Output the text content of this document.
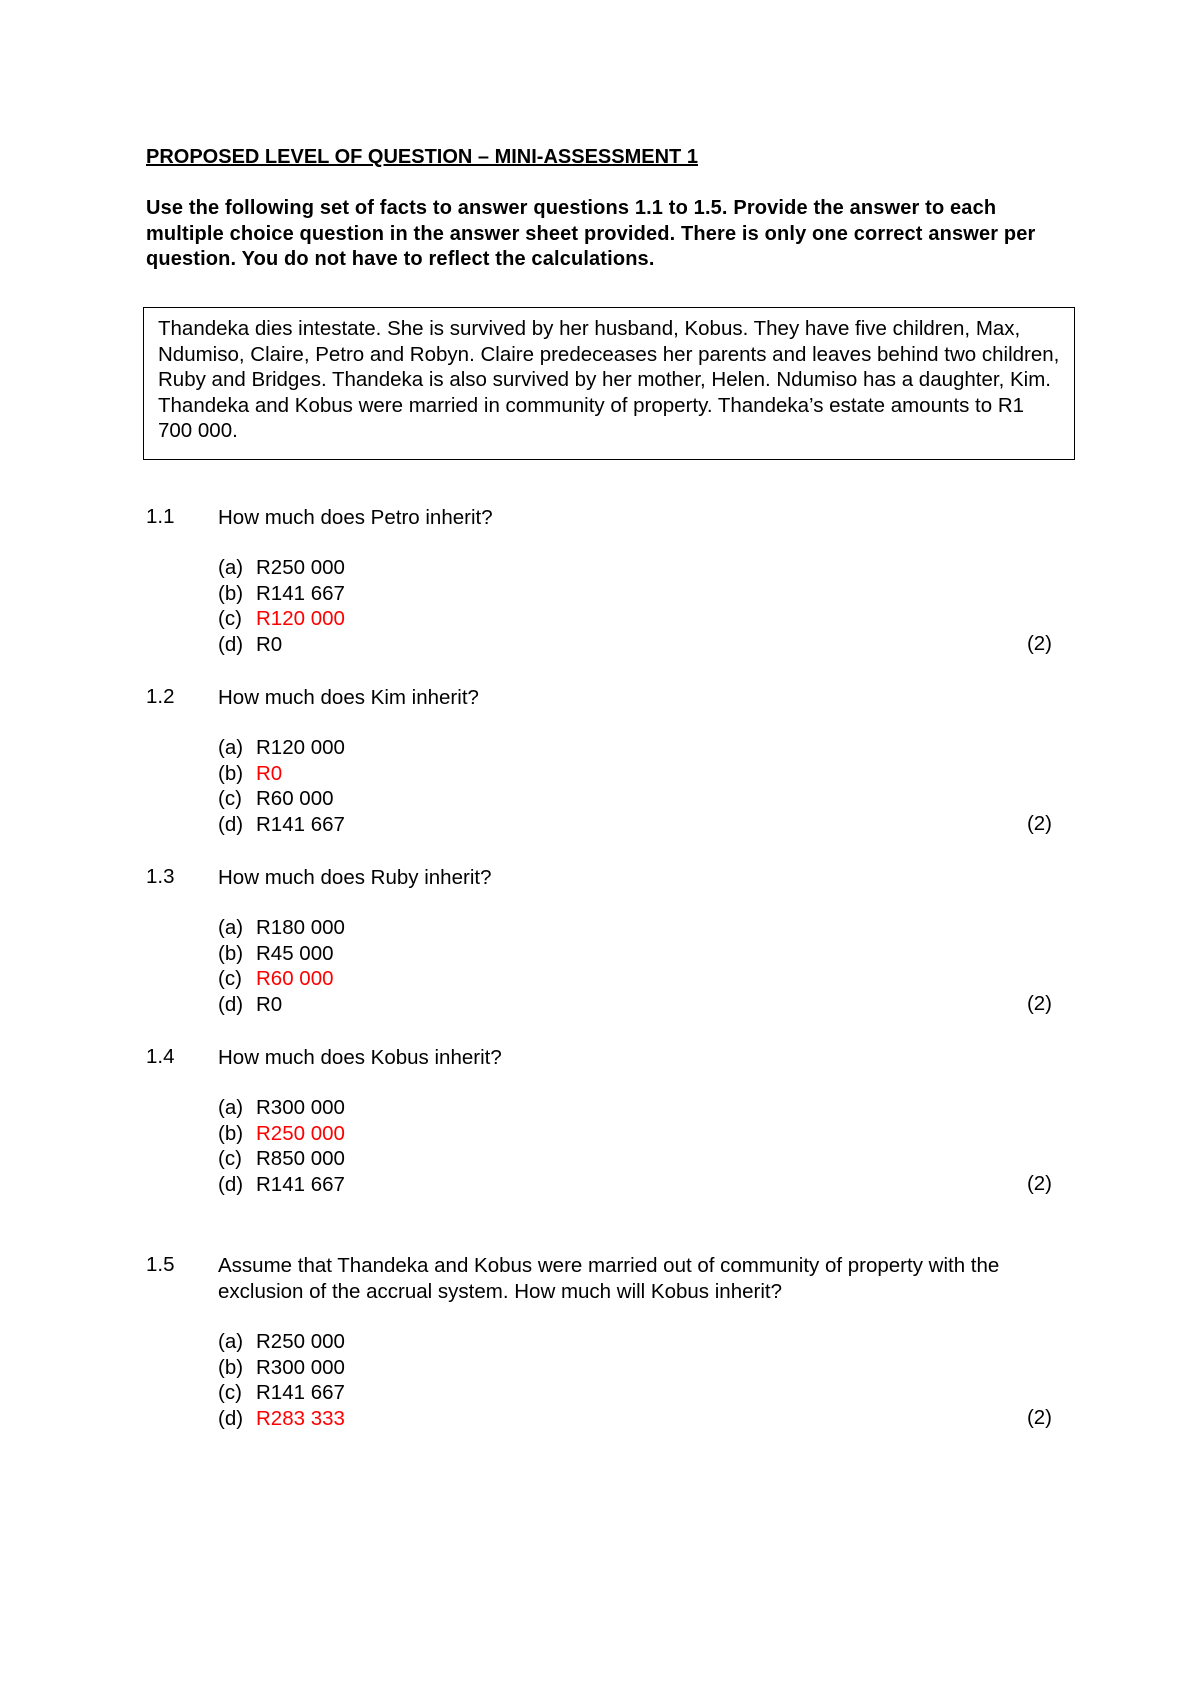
PROPOSED LEVEL OF QUESTION – MINI-ASSESSMENT 1
Use the following set of facts to answer questions 1.1 to 1.5. Provide the answer to each multiple choice question in the answer sheet provided. There is only one correct answer per question. You do not have to reflect the calculations.
Thandeka dies intestate. She is survived by her husband, Kobus. They have five children, Max, Ndumiso, Claire, Petro and Robyn. Claire predeceases her parents and leaves behind two children, Ruby and Bridges. Thandeka is also survived by her mother, Helen. Ndumiso has a daughter, Kim. Thandeka and Kobus were married in community of property. Thandeka’s estate amounts to R1 700 000.
1.1 How much does Petro inherit?
(a) R250 000
(b) R141 667
(c) R120 000
(d) R0	(2)
1.2 How much does Kim inherit?
(a) R120 000
(b) R0
(c) R60 000
(d) R141 667	(2)
1.3 How much does Ruby inherit?
(a) R180 000
(b) R45 000
(c) R60 000
(d) R0	(2)
1.4 How much does Kobus inherit?
(a) R300 000
(b) R250 000
(c) R850 000
(d) R141 667	(2)
1.5 Assume that Thandeka and Kobus were married out of community of property with the exclusion of the accrual system. How much will Kobus inherit?
(a) R250 000
(b) R300 000
(c) R141 667
(d) R283 333	(2)
